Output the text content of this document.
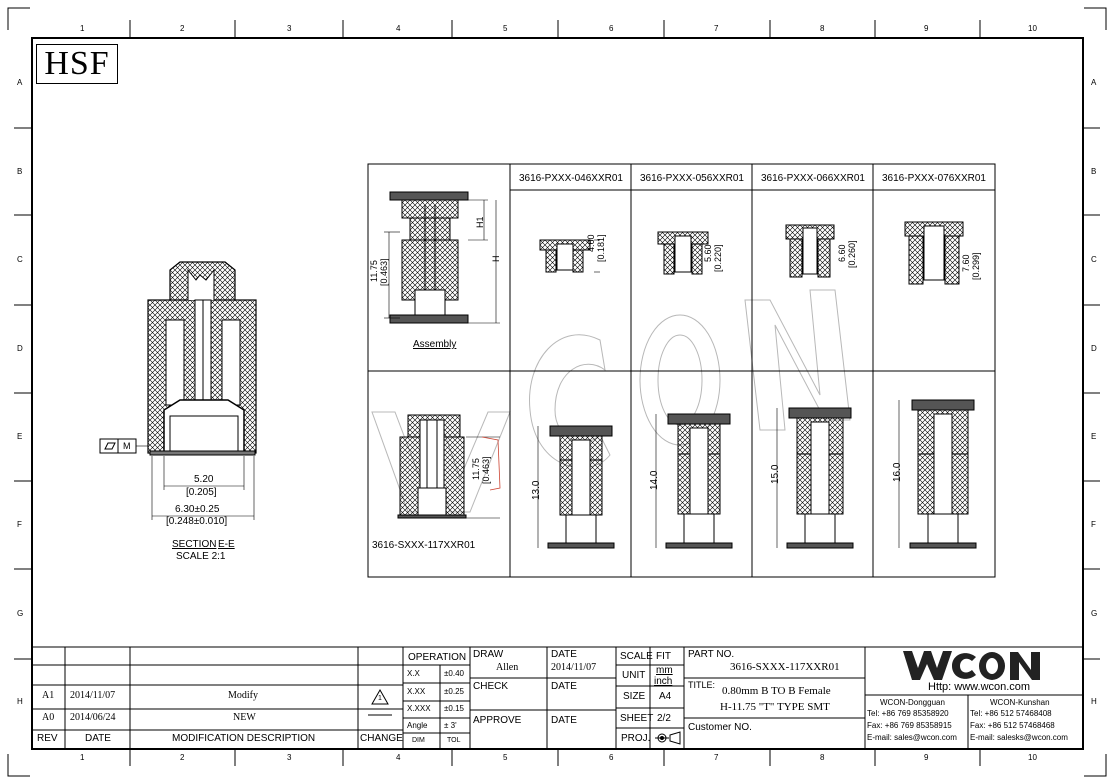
1	2	3	4	5	6	7	8	9	10
1	2	3	4	5	6	7	8	9	10
A
B
C
D
E
F
G
H
A
B
C
D
E
F
G
H
HSF
5.20
[0.205]
6.30±0.25
[0.248±0.010]
SECTION E-E
SCALE 2:1
M
3616-PXXX-046XXR01 3616-PXXX-056XXR01 3616-PXXX-066XXR01 3616-PXXX-076XXR01
4.60 [0.181]	5.60 [0.220]	6.60 [0.260]	7.60 [0.299]
13.0
14.0	15.0	16.0
Assembly
11.75 [0.463]
H1
H
3616-SXXX-117XXR01
11.75 [0.463]
A1 2014/11/07	Modify
A0 2014/06/24	NEW
REV	DATE	MODIFICATION DESCRIPTION	CHANGE
1
OPERATION
X.X	±0.40
X.XX ±0.25
X.XXX ±0.15
Angle ± 3'
DIM	TOL
DRAW
Allen
DATE
2014/11/07
CHECK	DATE
APPROVE	DATE
SCALE FIT
UNIT mm
inch
SIZE A4
SHEET 2/2
PROJ.
PART NO.
3616-SXXX-117XXR01
TITLE: 0.80mm B TO B Female
H-11.75 "T" TYPE SMT
Customer NO.
Http: www.wcon.com
WCON-Dongguan
Tel: +86 769 85358920
Fax: +86 769 85358915
E-mail: sales@wcon.com
WCON-Kunshan
Tel: +86 512 57468408
Fax: +86 512 57468468
E-mail: salesks@wcon.com
